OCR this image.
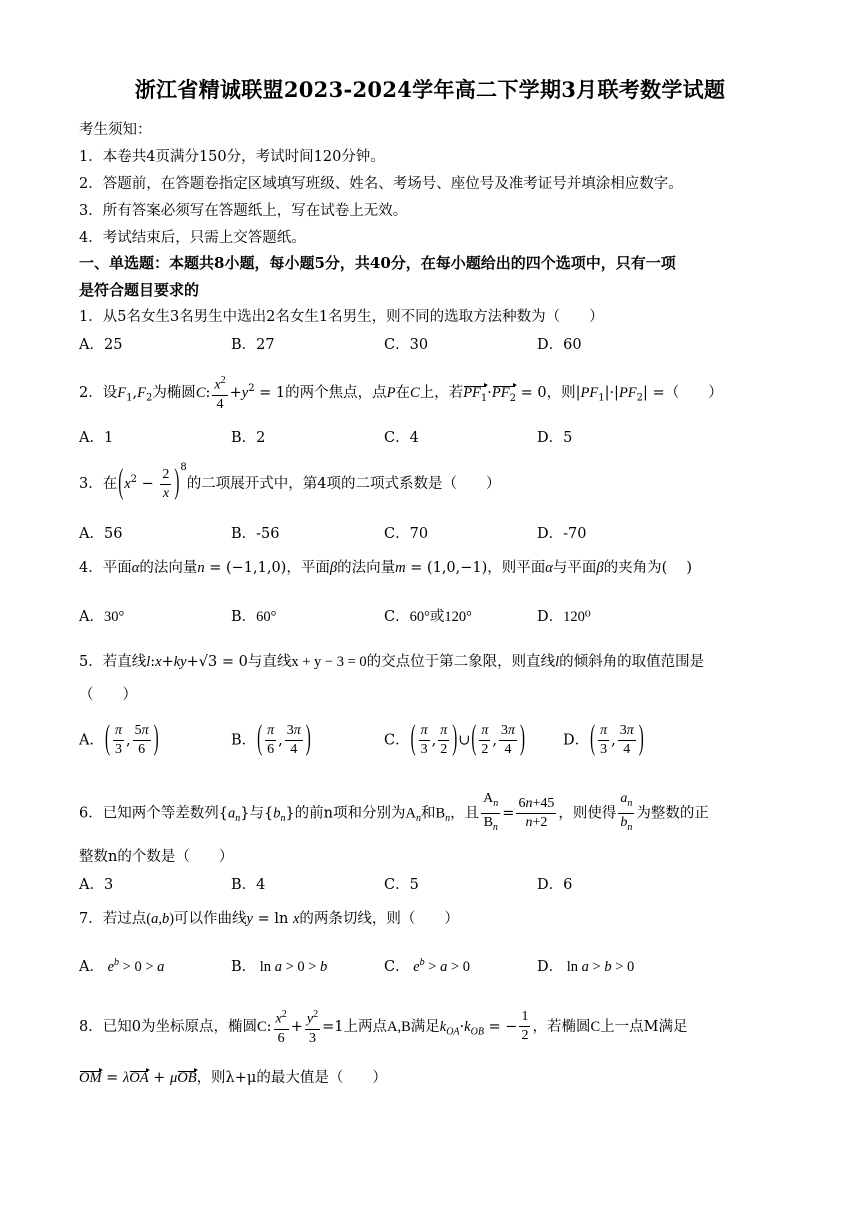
浙江省精诚联盟2023-2024学年高二下学期3月联考数学试题
考生须知：
1．本卷共4页满分150分，考试时间120分钟。
2．答题前，在答题卷指定区域填写班级、姓名、考场号、座位号及准考证号并填涂相应数字。
3．所有答案必须写在答题纸上，写在试卷上无效。
4．考试结束后，只需上交答题纸。
一、单选题：本题共8小题，每小题5分，共40分，在每小题给出的四个选项中，只有一项
是符合题目要求的
1．从5名女生3名男生中选出2名女生1名男生，则不同的选取方法种数为（　　）
A．25	B．27	C．30	D．60
2．设$F_1,F_2$为椭圆C: $\frac{x^2}{4} +y^2 = 1$的两个焦点，点P在C上，若$PF_1\cdot PF_2 = 0$，则$|PF_1|\cdot|PF_2|$ =（　　）
A．1	B．2	C．4	D．5
3．在$(x^2 - \frac{2}{x} )^8$的二项展开式中，第4项的二项式系数是（　　）
A．56	B．-56	C．70	D．-70
4．平面α的法向量n = (−1,1,0)，平面β的法向量m = (1,0,−1)，则平面α与平面β的夹角为( 　)
A．30°	B．60°	C．60°或120°	D．120⁰
5．若直线l:x+ky+√3 = 0与直线x + y − 3 = 0的交点位于第二象限，则直线l的倾斜角的取值范围是
（　　）
A．( $\frac{\pi}{3}$ , $\frac{5\pi}{6}$ )	B．( $\frac{\pi}{6}$ , $\frac{3\pi}{4}$ )	C．( $\frac{\pi}{3}$ , $\frac{\pi}{2}$ )∪( $\frac{\pi}{2}$ , $\frac{3\pi}{4}$ )	D．( $\frac{\pi}{3}$ , $\frac{3\pi}{4}$ )
6．已知两个等差数列$\{a_n\}$与$\{b_n\}$的前n项和分别为$A_n$和$B_n$，且 $\frac{A_n}{B_n} = \frac{6n+45}{n+2}$ ，则使得 $\frac{a_n}{b_n}$ 为整数的正
整数n的个数是（　　）
A．3	B．4	C．5	D．6
7．若过点(a,b)可以作曲线y = ln x的两条切线，则（　　）
A． $e^b > 0 > a$	B． ln a > 0 > b	C． $e^b > a > 0$	D． ln a > b > 0
8．已知0为坐标原点，椭圆C: $\frac{x^2}{6} + \frac{y^2}{3} =1$上两点A,B满足$k_{OA}\cdot k_{OB}$ = − $\frac{1}{2}$ ，若椭圆C上一点M满足
OM = λOA + μOB，则λ+μ的最大值是（　　）
